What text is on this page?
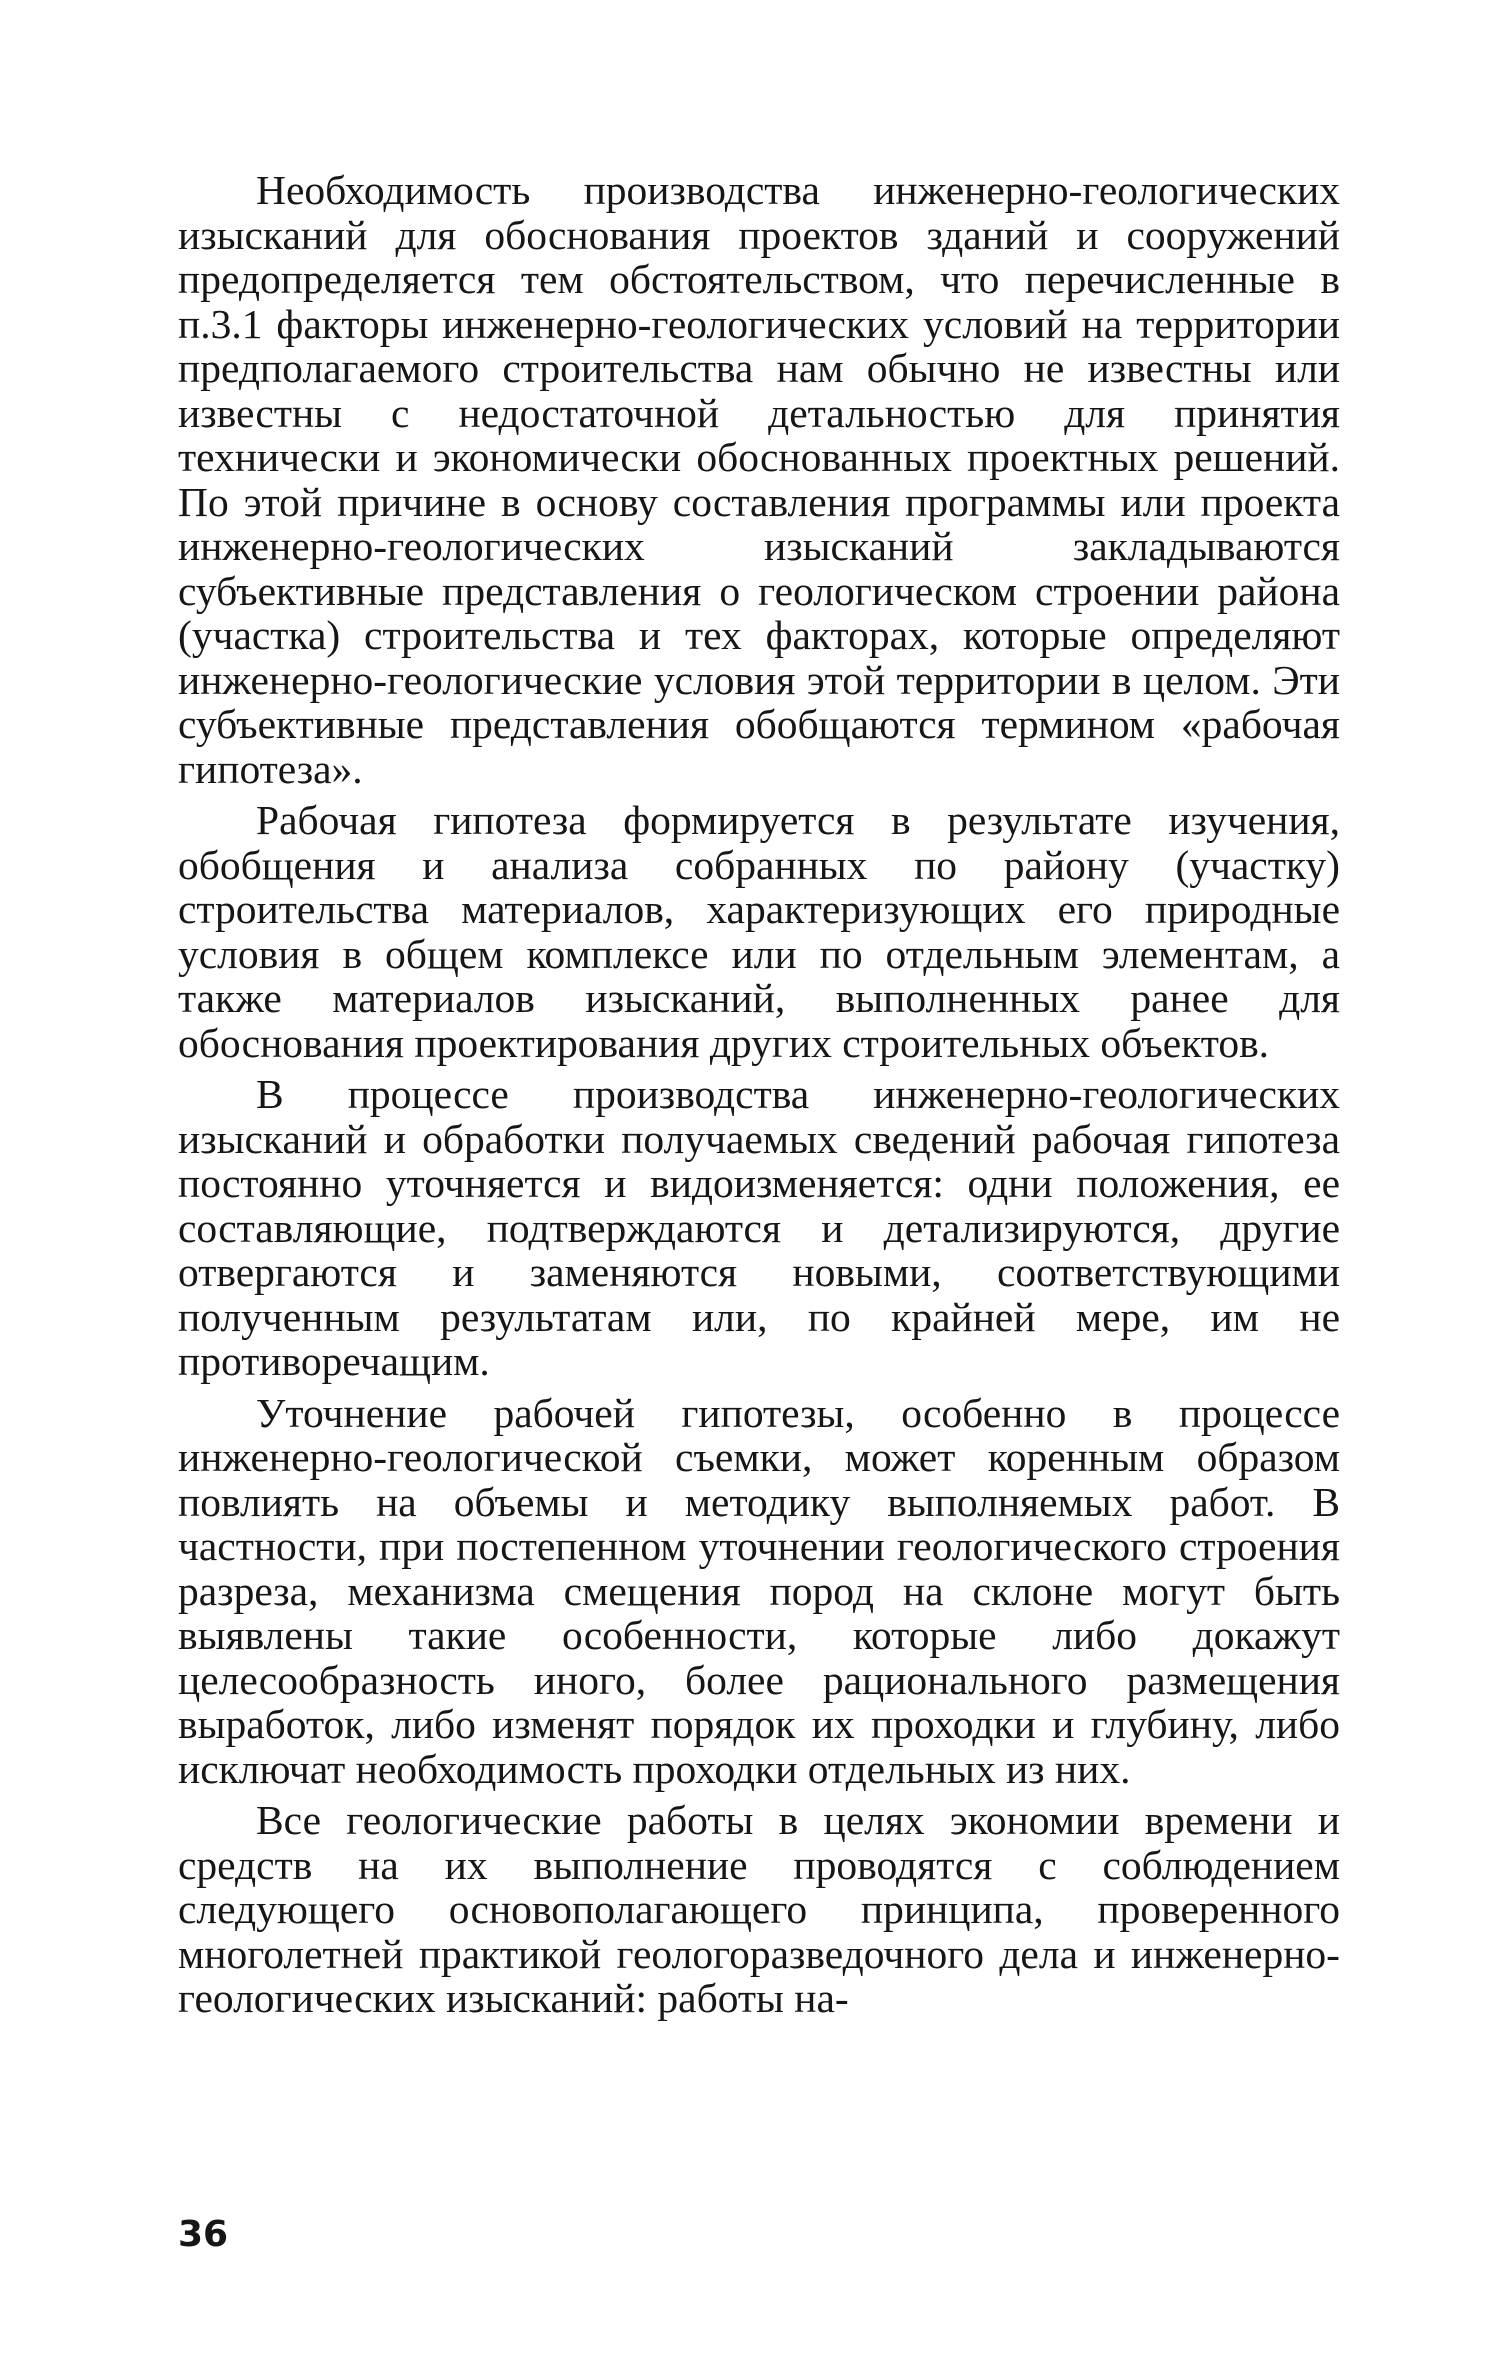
Необходимость производства инженерно-геологических изысканий для обоснования проектов зданий и сооружений предопределяется тем обстоятельством, что перечисленные в п.3.1 факторы инженерно-геологических условий на территории предполагаемого строительства нам обычно не известны или известны с недостаточной детальностью для принятия технически и экономически обоснованных проектных решений. По этой причине в основу составления программы или проекта инженерно-геологических изысканий закладываются субъективные представления о геологическом строении района (участка) строительства и тех факторах, которые определяют инженерно-геологические условия этой территории в целом. Эти субъективные представления обобщаются термином «рабочая гипотеза».

Рабочая гипотеза формируется в результате изучения, обобщения и анализа собранных по району (участку) строительства материалов, характеризующих его природные условия в общем комплексе или по отдельным элементам, а также материалов изысканий, выполненных ранее для обоснования проектирования других строительных объектов.

В процессе производства инженерно-геологических изысканий и обработки получаемых сведений рабочая гипотеза постоянно уточняется и видоизменяется: одни положения, ее составляющие, подтверждаются и детализируются, другие отвергаются и заменяются новыми, соответствующими полученным результатам или, по крайней мере, им не противоречащим.

Уточнение рабочей гипотезы, особенно в процессе инженерно-геологической съемки, может коренным образом повлиять на объемы и методику выполняемых работ. В частности, при постепенном уточнении геологического строения разреза, механизма смещения пород на склоне могут быть выявлены такие особенности, которые либо докажут целесообразность иного, более рационального размещения выработок, либо изменят порядок их проходки и глубину, либо исключат необходимость проходки отдельных из них.

Все геологические работы в целях экономии времени и средств на их выполнение проводятся с соблюдением следующего основополагающего принципа, проверенного многолетней практикой геологоразведочного дела и инженерно-геологических изысканий: работы на-

36
